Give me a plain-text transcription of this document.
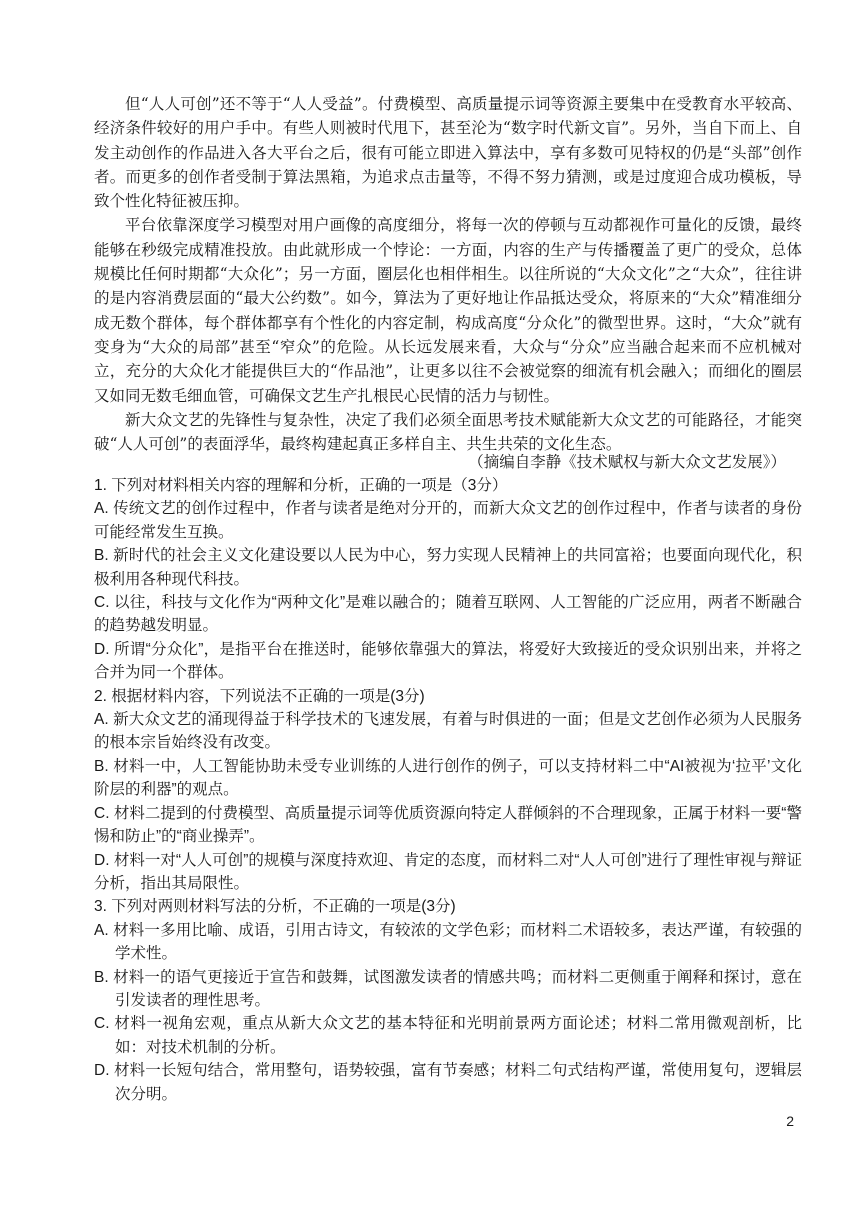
但“人人可创”还不等于“人人受益”。付费模型、高质量提示词等资源主要集中在受教育水平较高、经济条件较好的用户手中。有些人则被时代甩下，甚至沦为“数字时代新文盲”。另外，当自下而上、自发主动创作的作品进入各大平台之后，很有可能立即进入算法中，享有多数可见特权的仍是“头部”创作者。而更多的创作者受制于算法黑箱，为追求点击量等，不得不努力猜测，或是过度迎合成功模板，导致个性化特征被压抑。

平台依靠深度学习模型对用户画像的高度细分，将每一次的停顿与互动都视作可量化的反馈，最终能够在秒级完成精准投放。由此就形成一个悖论：一方面，内容的生产与传播覆盖了更广的受众，总体规模比任何时期都“大众化”；另一方面，圈层化也相伴相生。以往所说的“大众文化”之“大众”，往往讲的是内容消费层面的“最大公约数”。如今，算法为了更好地让作品抵达受众，将原来的“大众”精准细分成无数个群体，每个群体都享有个性化的内容定制，构成高度“分众化”的微型世界。这时，“大众”就有变身为“大众的局部”甚至“窄众”的危险。从长远发展来看，大众与“分众”应当融合起来而不应机械对立，充分的大众化才能提供巨大的“作品池”，让更多以往不会被觉察的细流有机会融入；而细化的圈层又如同无数毛细血管，可确保文艺生产扎根民心民情的活力与韧性。

新大众文艺的先锋性与复杂性，决定了我们必须全面思考技术赋能新大众文艺的可能路径，才能突破“人人可创”的表面浮华，最终构建起真正多样自主、共生共荣的文化生态。

（摘编自李静《技术赋权与新大众文艺发展》）

1. 下列对材料相关内容的理解和分析，正确的一项是（3分）

A. 传统文艺的创作过程中，作者与读者是绝对分开的，而新大众文艺的创作过程中，作者与读者的身份可能经常发生互换。

B. 新时代的社会主义文化建设要以人民为中心，努力实现人民精神上的共同富裕；也要面向现代化，积极利用各种现代科技。

C. 以往，科技与文化作为“两种文化”是难以融合的；随着互联网、人工智能的广泛应用，两者不断融合的趋势越发明显。

D. 所谓“分众化”，是指平台在推送时，能够依靠强大的算法，将爱好大致接近的受众识别出来，并将之合并为同一个群体。

2. 根据材料内容，下列说法不正确的一项是(3分)

A. 新大众文艺的涌现得益于科学技术的飞速发展，有着与时俱进的一面；但是文艺创作必须为人民服务的根本宗旨始终没有改变。

B. 材料一中，人工智能协助未受专业训练的人进行创作的例子，可以支持材料二中“AI被视为‘拉平’文化阶层的利器”的观点。

C. 材料二提到的付费模型、高质量提示词等优质资源向特定人群倾斜的不合理现象，正属于材料一要“警惕和防止”的“商业操弄”。

D. 材料一对“人人可创”的规模与深度持欢迎、肯定的态度，而材料二对“人人可创”进行了理性审视与辩证分析，指出其局限性。

3. 下列对两则材料写法的分析，不正确的一项是(3分)

A. 材料一多用比喻、成语，引用古诗文，有较浓的文学色彩；而材料二术语较多，表达严谨，有较强的学术性。

B. 材料一的语气更接近于宣告和鼓舞，试图激发读者的情感共鸣；而材料二更侧重于阐释和探讨，意在引发读者的理性思考。

C. 材料一视角宏观，重点从新大众文艺的基本特征和光明前景两方面论述；材料二常用微观剖析，比如：对技术机制的分析。

D. 材料一长短句结合，常用整句，语势较强，富有节奏感；材料二句式结构严谨，常使用复句，逻辑层次分明。

2
